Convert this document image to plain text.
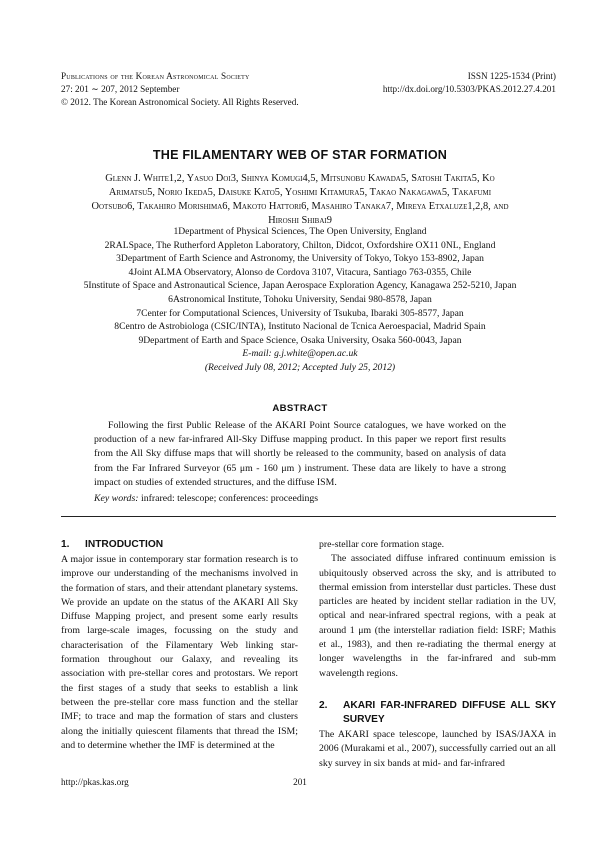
Publications of the Korean Astronomical Society
27: 201 ∼ 207, 2012 September
© 2012. The Korean Astronomical Society. All Rights Reserved.
ISSN 1225-1534 (Print)
http://dx.doi.org/10.5303/PKAS.2012.27.4.201
THE FILAMENTARY WEB OF STAR FORMATION
Glenn J. White1,2, Yasuo Doi3, Shinya Komugi4,5, Mitsunobu Kawada5, Satoshi Takita5, Ko
Arimatsu5, Norio Ikeda5, Daisuke Kato5, Yoshimi Kitamura5, Takao Nakagawa5, Takafumi
Ootsubo6, Takahiro Morishima6, Makoto Hattori6, Masahiro Tanaka7, Mireya Etxaluze1,2,8, and
Hiroshi Shibai9
1Department of Physical Sciences, The Open University, England
2RALSpace, The Rutherford Appleton Laboratory, Chilton, Didcot, Oxfordshire OX11 0NL, England
3Department of Earth Science and Astronomy, the University of Tokyo, Tokyo 153-8902, Japan
4Joint ALMA Observatory, Alonso de Cordova 3107, Vitacura, Santiago 763-0355, Chile
5Institute of Space and Astronautical Science, Japan Aerospace Exploration Agency, Kanagawa 252-5210, Japan
6Astronomical Institute, Tohoku University, Sendai 980-8578, Japan
7Center for Computational Sciences, University of Tsukuba, Ibaraki 305-8577, Japan
8Centro de Astrobiologa (CSIC/INTA), Instituto Nacional de Tcnica Aeroespacial, Madrid Spain
9Department of Earth and Space Science, Osaka University, Osaka 560-0043, Japan
E-mail: g.j.white@open.ac.uk
(Received July 08, 2012; Accepted July 25, 2012)
ABSTRACT
Following the first Public Release of the AKARI Point Source catalogues, we have worked on the production of a new far-infrared All-Sky Diffuse mapping product. In this paper we report first results from the All Sky diffuse maps that will shortly be released to the community, based on analysis of data from the Far Infrared Surveyor (65 μm - 160 μm ) instrument. These data are likely to have a strong impact on studies of extended structures, and the diffuse ISM.
Key words: infrared: telescope; conferences: proceedings
1.	INTRODUCTION

A major issue in contemporary star formation research is to improve our understanding of the mechanisms involved in the formation of stars, and their attendant planetary systems. We provide an update on the status of the AKARI All Sky Diffuse Mapping project, and present some early results from large-scale images, focussing on the study and characterisation of the Filamentary Web linking star-formation throughout our Galaxy, and revealing its association with pre-stellar cores and protostars. We report the first stages of a study that seeks to establish a link between the pre-stellar core mass function and the stellar IMF; to trace and map the formation of stars and clusters along the initially quiescent filaments that thread the ISM; and to determine whether the IMF is determined at the

pre-stellar core formation stage.

The associated diffuse infrared continuum emission is ubiquitously observed across the sky, and is attributed to thermal emission from interstellar dust particles. These dust particles are heated by incident stellar radiation in the UV, optical and near-infrared spectral regions, with a peak at around 1 μm (the interstellar radiation field: ISRF; Mathis et al., 1983), and then re-radiating the thermal energy at longer wavelengths in the far-infrared and sub-mm wavelength regions.

2.	AKARI FAR-INFRARED DIFFUSE ALL SKY SURVEY

The AKARI space telescope, launched by ISAS/JAXA in 2006 (Murakami et al., 2007), successfully carried out an all sky survey in six bands at mid- and far-infrared

http://pkas.kas.org	201
